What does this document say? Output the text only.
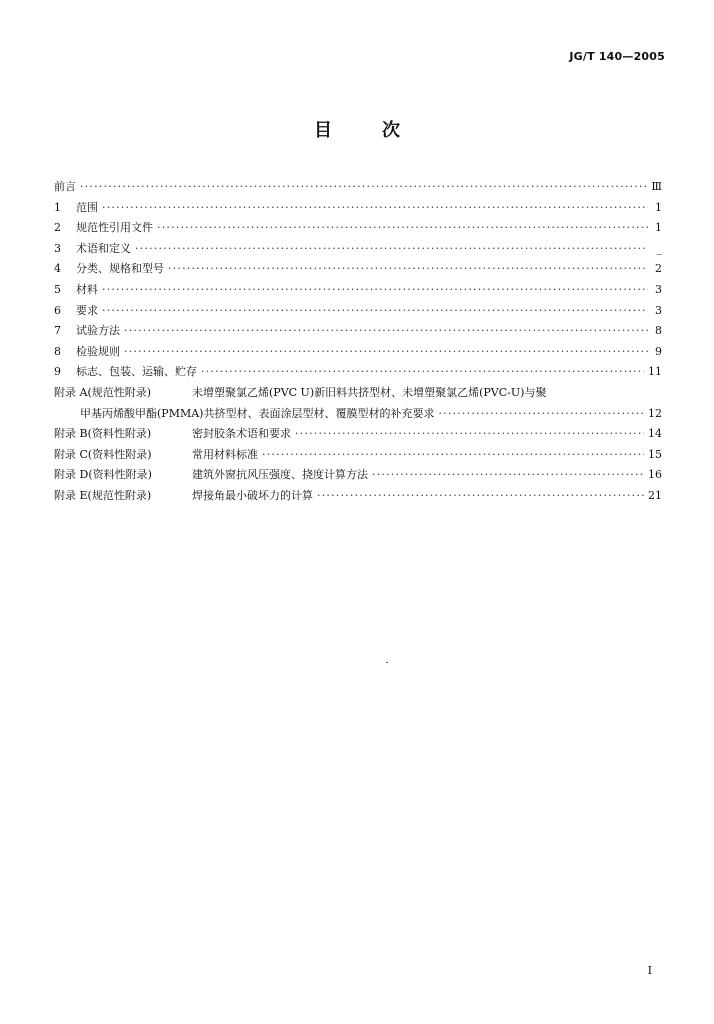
JG/T 140—2005
目	次
前言 ·····	Ⅲ
1	范围 ·····	1
2	规范性引用文件 ·····	1
3	术语和定义 ·····	_
4	分类、规格和型号 ·····	2
5	材料 ·····	3
6	要求 ·····	3
7	试验方法 ·····	8
8	检验规则 ·····	9
9	标志、包装、运输、贮存 ·····	11
附录 A(规范性附录)	未增塑聚氯乙烯(PVC U)新旧料共挤型材、未增塑聚氯乙烯(PVC-U)与聚
甲基丙烯酸甲酯(PMMA)共挤型材、表面涂层型材、覆膜型材的补充要求 ·····	12
附录 B(资料性附录)	密封胶条术语和要求 ·····	14
附录 C(资料性附录)	常用材料标准 ·····	15
附录 D(资料性附录)	建筑外窗抗风压强度、挠度计算方法 ·····	16
附录 E(规范性附录)	焊接角最小破坏力的计算 ·····	21
I
